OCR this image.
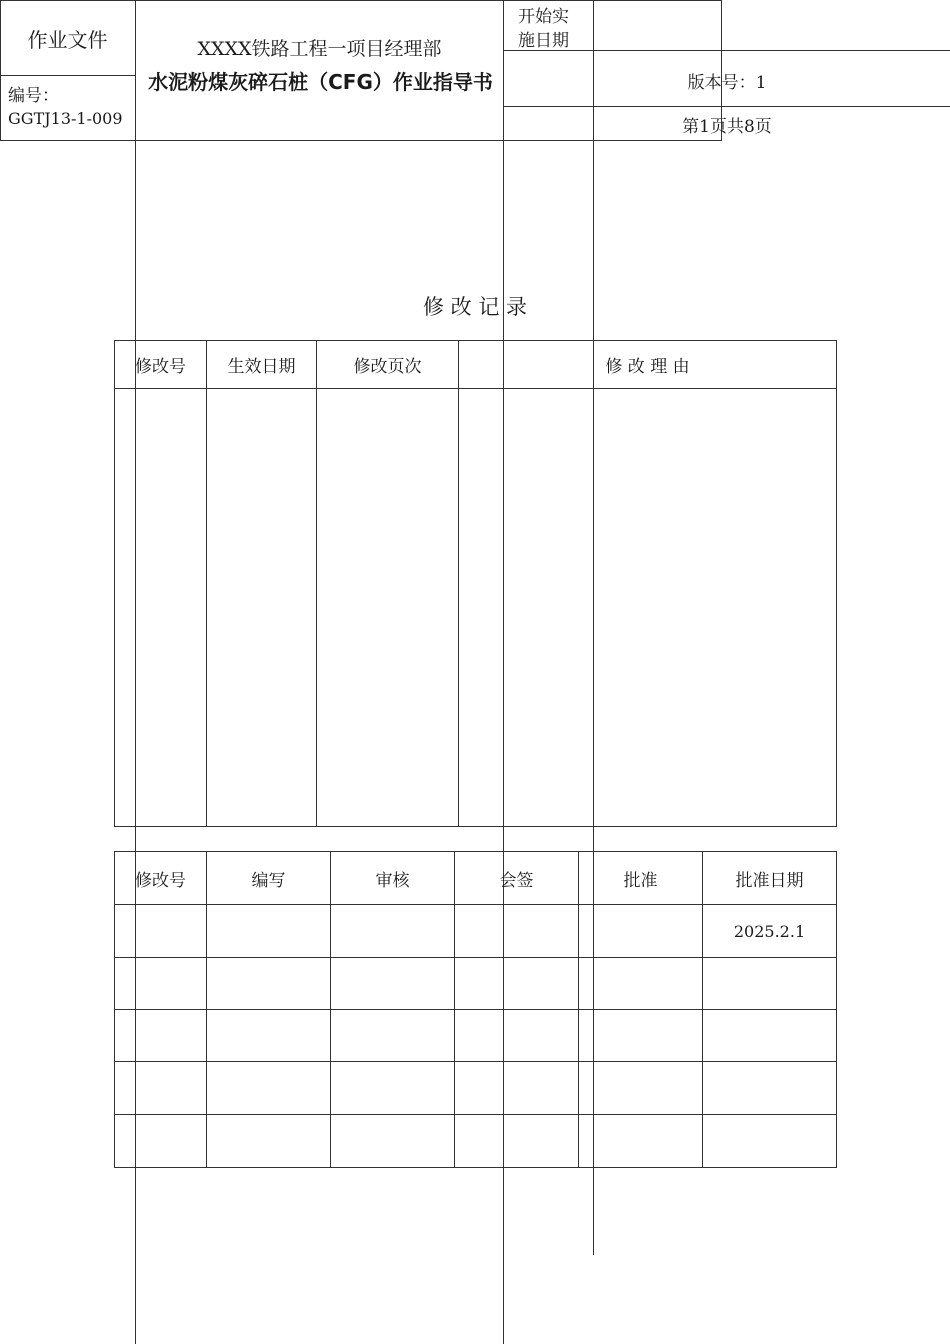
作业文件
编号：
GGTJ13-1-009
XXXX铁路工程一项目经理部
水泥粉煤灰碎石桩（CFG）作业指导书
开始实
施日期
版本号：1
第1页共8页
修 改 记 录
修改号	生效日期	修改页次	修 改 理 由

修改号	编写	审核	会签	批准	批准日期
					2025.2.1
